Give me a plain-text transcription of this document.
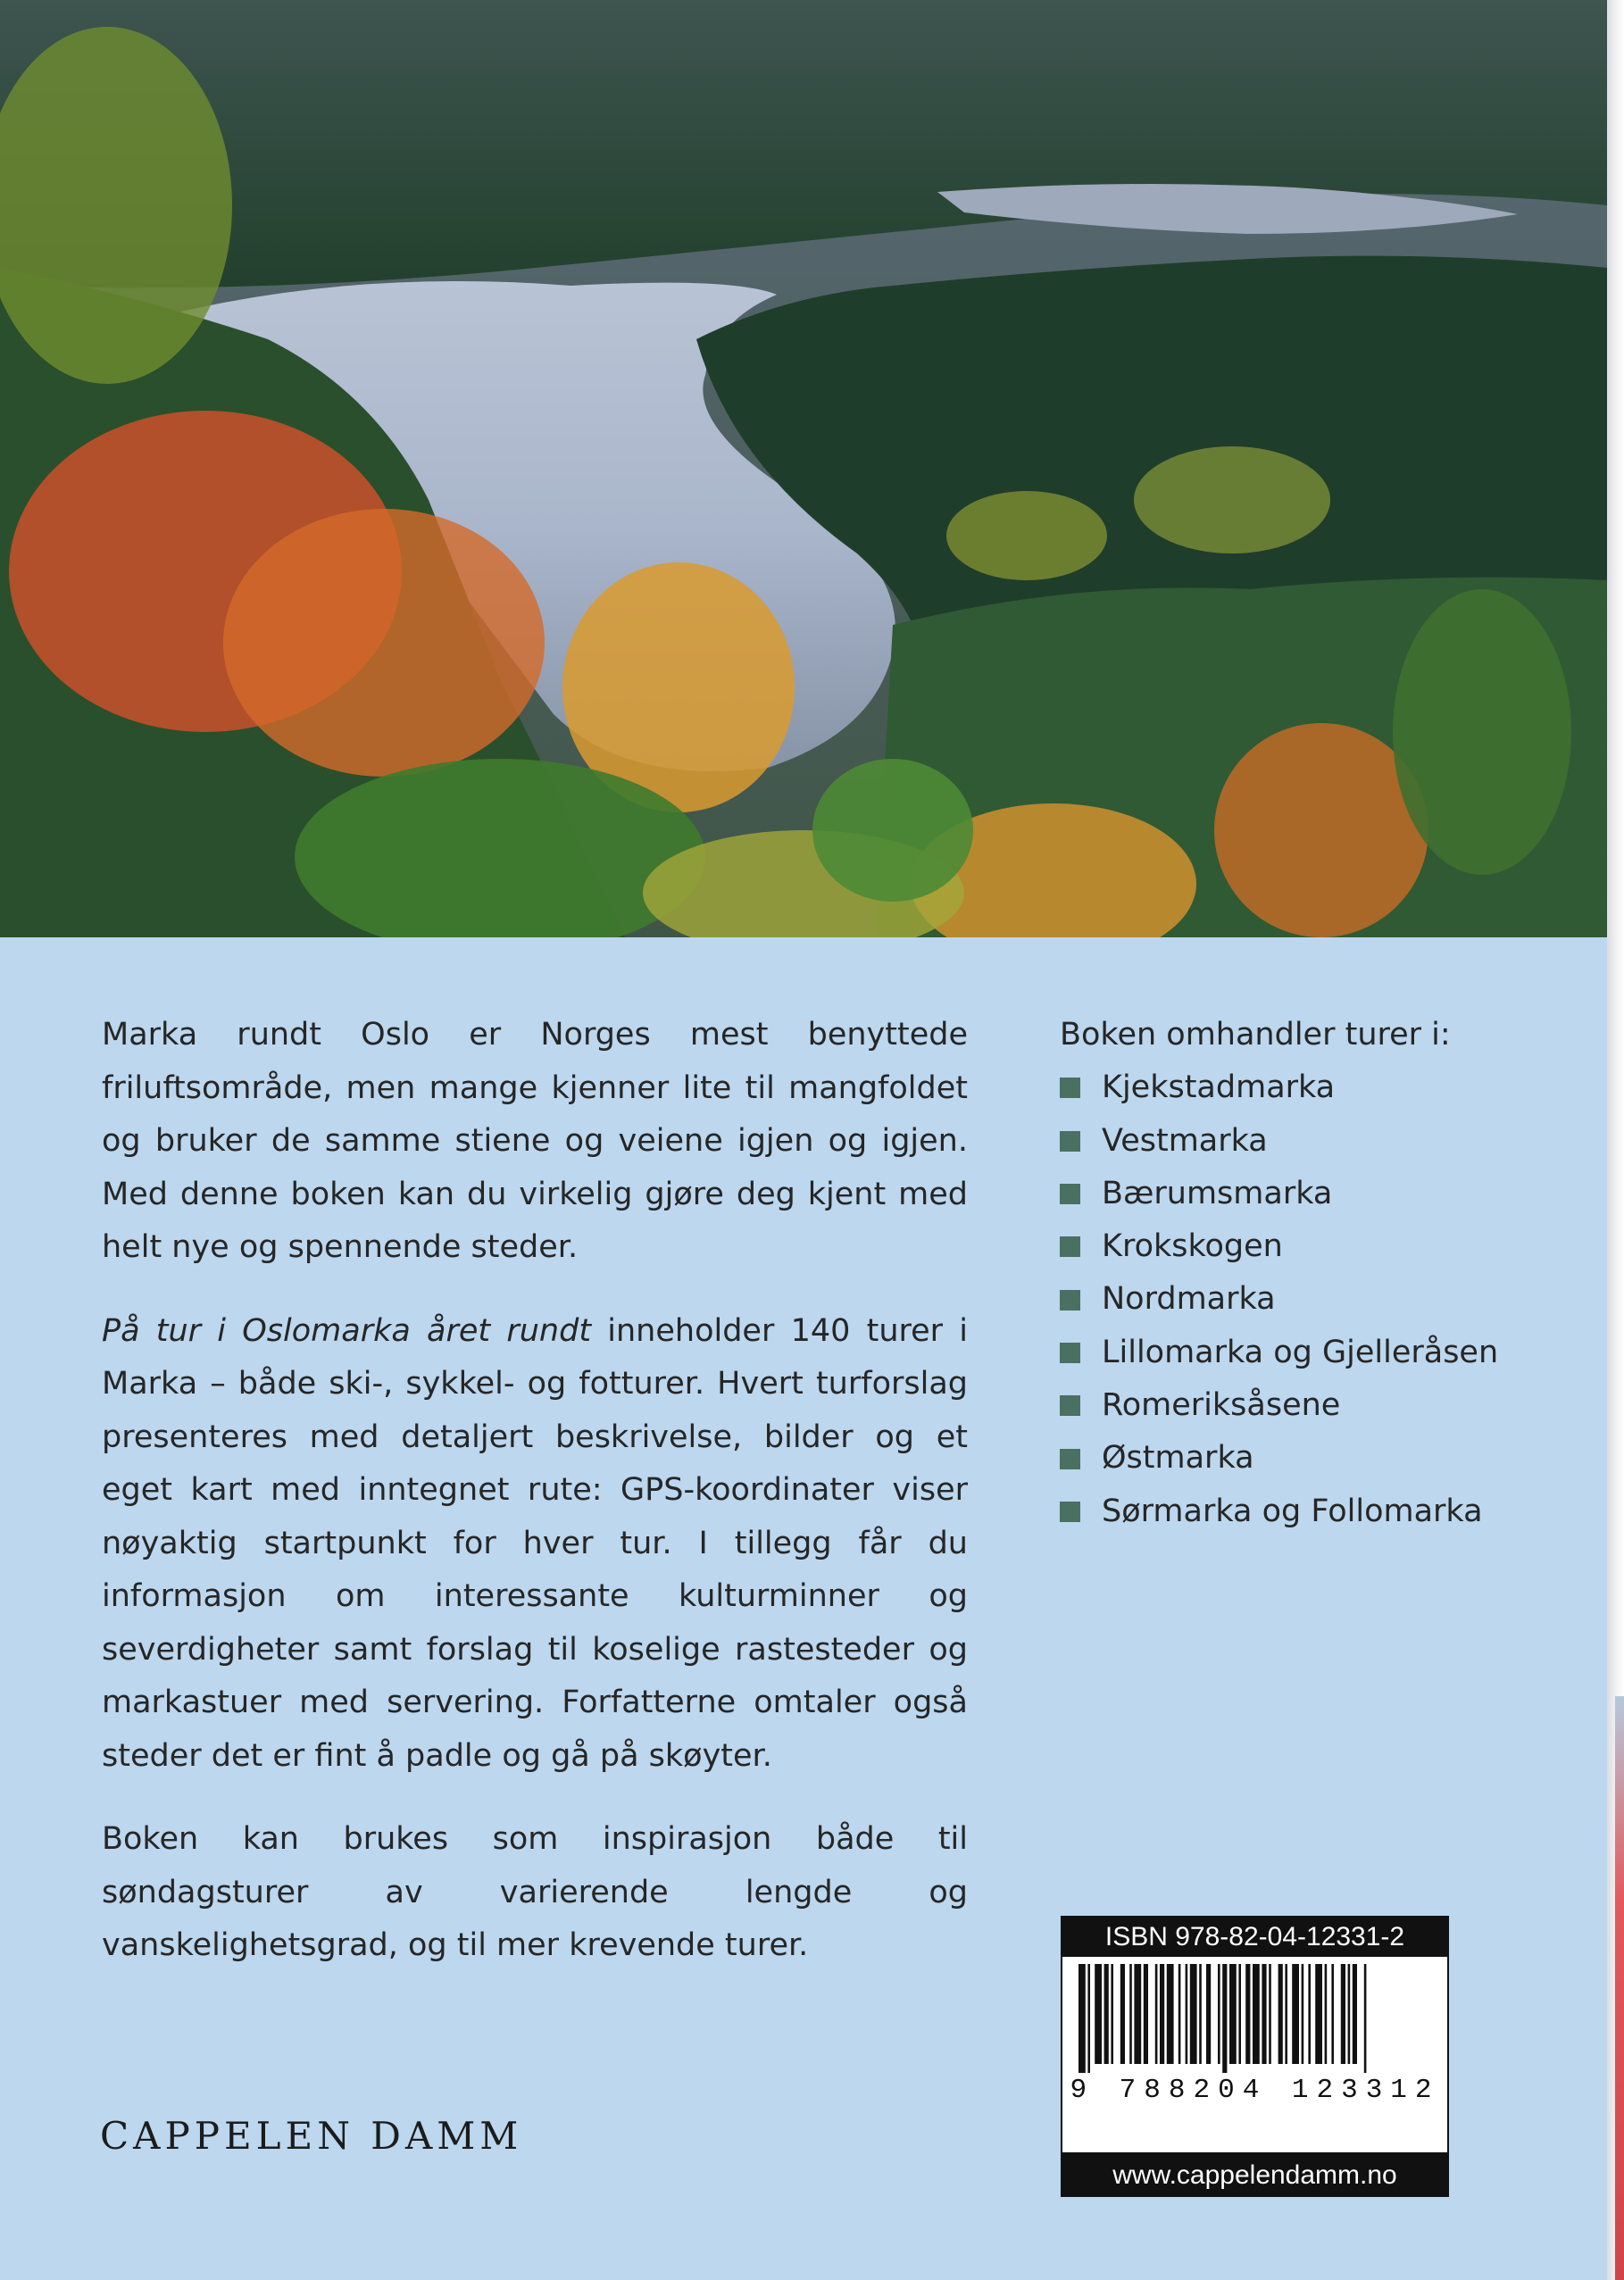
Marka rundt Oslo er Norges mest benyttede friluftsområde, men mange kjenner lite til mangfoldet og bruker de samme stiene og veiene igjen og igjen. Med denne boken kan du virkelig gjøre deg kjent med helt nye og spennende steder.

På tur i Oslomarka året rundt inneholder 140 turer i Marka – både ski-, sykkel- og fotturer. Hvert turforslag presenteres med detaljert beskrivelse, bilder og et eget kart med inntegnet rute: GPS-koordinater viser nøyaktig startpunkt for hver tur. I tillegg får du informasjon om interessante kulturminner og severdigheter samt forslag til koselige rastesteder og markastuer med servering. Forfatterne omtaler også steder det er fint å padle og gå på skøyter.

Boken kan brukes som inspirasjon både til søndagsturer av varierende lengde og vanskelighetsgrad, og til mer krevende turer.

Boken omhandler turer i:

Kjekstadmarka
Vestmarka
Bærumsmarka
Krokskogen
Nordmarka
Lillomarka og Gjelleråsen
Romeriksåsene
Østmarka
Sørmarka og Follomarka
CAPPELEN DAMM
ISBN 978-82-04-12331-2
9 788204 123312
www.cappelendamm.no
